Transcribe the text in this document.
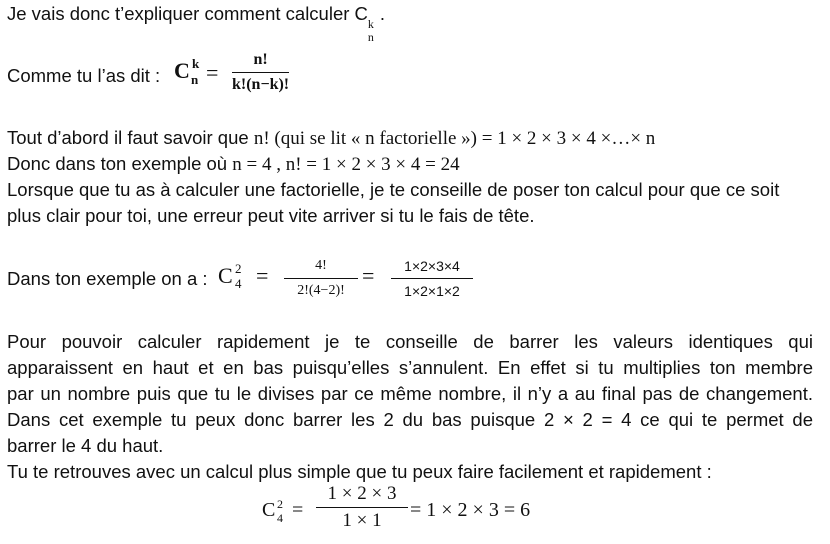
Je vais donc t’expliquer comment calculer C k
n
.
Comme tu l’as dit : C k
n =
n!
k!(n−k)!
Tout d’abord il faut savoir que n! (qui se lit « n factorielle ») = 1 × 2 × 3 × 4 ×…× n
Donc dans ton exemple où n = 4 , n! = 1 × 2 × 3 × 4 = 24
Lorsque que tu as à calculer une factorielle, je te conseille de poser ton calcul pour que ce soit
plus clair pour toi, une erreur peut vite arriver si tu le fais de tête.
Dans ton exemple on a : C 2
4 =	4!
2!(4−2)!
= 1×2×3×4
1×2×1×2
Pour pouvoir calculer rapidement je te conseille de barrer les valeurs identiques qui
apparaissent en haut et en bas puisqu’elles s’annulent. En effet si tu multiplies ton membre
par un nombre puis que tu le divises par ce même nombre, il n’y a au final pas de changement.
Dans cet exemple tu peux donc barrer les 2 du bas puisque 2 × 2 = 4 ce qui te permet de
barrer le 4 du haut.
Tu te retrouves avec un calcul plus simple que tu peux faire facilement et rapidement :
C 2
4 =
1 × 2 × 3
1 × 1 = 1 × 2 × 3 = 6
